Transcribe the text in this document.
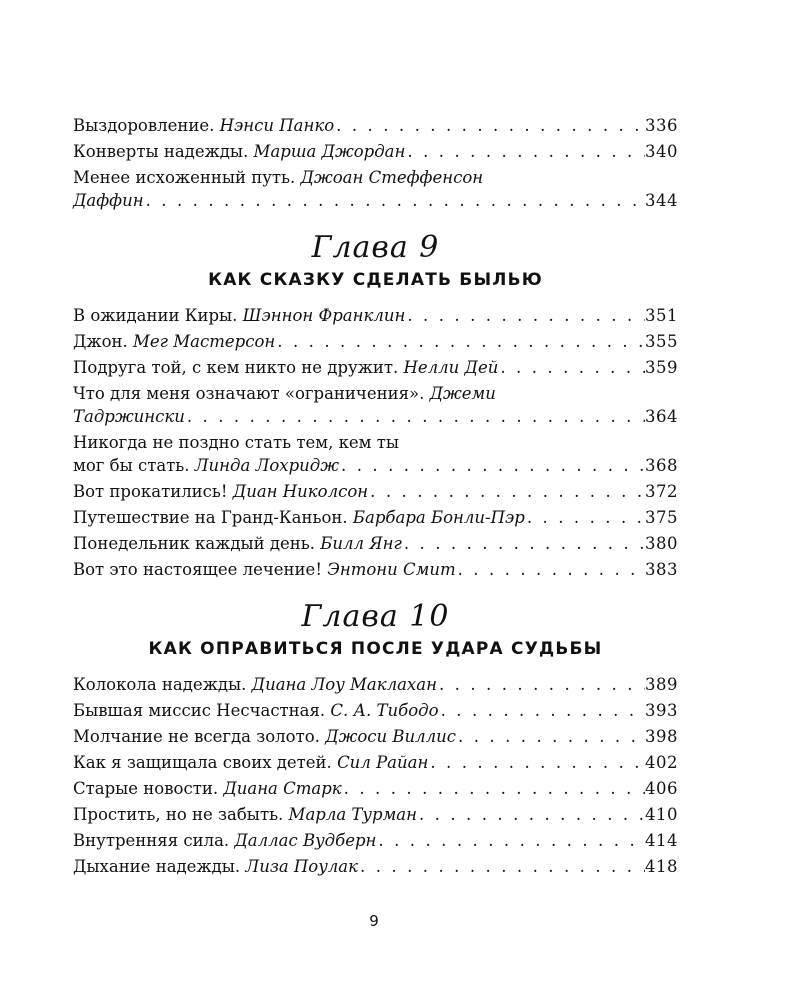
Выздоровление. Нэнси Панко . . .	336
Конверты надежды. Марша Джордан . . .	340
Менее исхоженный путь. Джоан Стеффенсон
Даффин . . .	344
Глава 9
КАК СКАЗКУ СДЕЛАТЬ БЫЛЬЮ
В ожидании Киры. Шэннон Франклин . . .	351
Джон. Мег Мастерсон . . .	355
Подруга той, с кем никто не дружит. Нелли Дей . . .	359
Что для меня означают «ограничения». Джеми
Тадржински . . .	364
Никогда не поздно стать тем, кем ты
мог бы стать. Линда Лохридж . . .	368
Вот прокатились! Диан Николсон . . .	372
Путешествие на Гранд-Каньон. Барбара Бонли-Пэр . . .	375
Понедельник каждый день. Билл Янг . . .	380
Вот это настоящее лечение! Энтони Смит . . .	383
Глава 10
КАК ОПРАВИТЬСЯ ПОСЛЕ УДАРА СУДЬБЫ
Колокола надежды. Диана Лоу Маклахан . . .	389
Бывшая миссис Несчастная. С. А. Тибодо . . .	393
Молчание не всегда золото. Джоси Виллис . . .	398
Как я защищала своих детей. Сил Райан . . .	402
Старые новости. Диана Старк . . .	406
Простить, но не забыть. Марла Турман . . .	410
Внутренняя сила. Даллас Вудберн . . .	414
Дыхание надежды. Лиза Поулак . . .	418
9
